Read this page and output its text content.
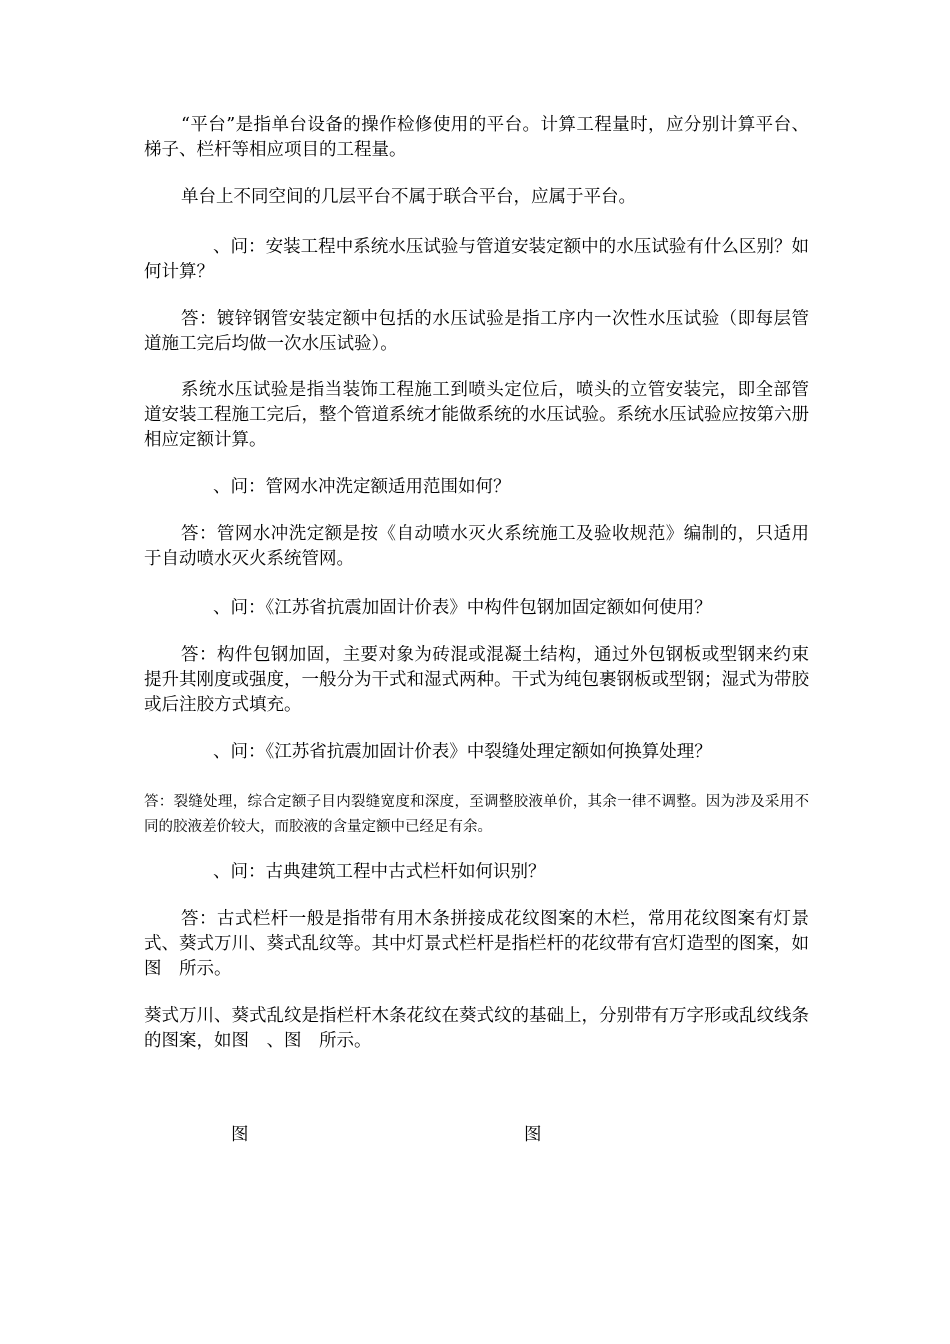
“平台”是指单台设备的操作检修使用的平台。计算工程量时，应分别计算平台、梯子、栏杆等相应项目的工程量。

单台上不同空间的几层平台不属于联合平台，应属于平台。

、问：安装工程中系统水压试验与管道安装定额中的水压试验有什么区别？如何计算？

答：镀锌钢管安装定额中包括的水压试验是指工序内一次性水压试验（即每层管道施工完后均做一次水压试验）。

系统水压试验是指当装饰工程施工到喷头定位后，喷头的立管安装完，即全部管道安装工程施工完后，整个管道系统才能做系统的水压试验。系统水压试验应按第六册相应定额计算。

、问：管网水冲洗定额适用范围如何？

答：管网水冲洗定额是按《自动喷水灭火系统施工及验收规范》编制的，只适用于自动喷水灭火系统管网。

、问：《江苏省抗震加固计价表》中构件包钢加固定额如何使用？

答：构件包钢加固，主要对象为砖混或混凝土结构，通过外包钢板或型钢来约束提升其刚度或强度，一般分为干式和湿式两种。干式为纯包裹钢板或型钢；湿式为带胶或后注胶方式填充。

、问：《江苏省抗震加固计价表》中裂缝处理定额如何换算处理？

答：裂缝处理，综合定额子目内裂缝宽度和深度，至调整胶液单价，其余一律不调整。因为涉及采用不同的胶液差价较大，而胶液的含量定额中已经足有余。

、问：古典建筑工程中古式栏杆如何识别？

答：古式栏杆一般是指带有用木条拼接成花纹图案的木栏，常用花纹图案有灯景式、葵式万川、葵式乱纹等。其中灯景式栏杆是指栏杆的花纹带有宫灯造型的图案，如图　所示。

葵式万川、葵式乱纹是指栏杆木条花纹在葵式纹的基础上，分别带有万字形或乱纹线条的图案，如图　、图　所示。

图	图
